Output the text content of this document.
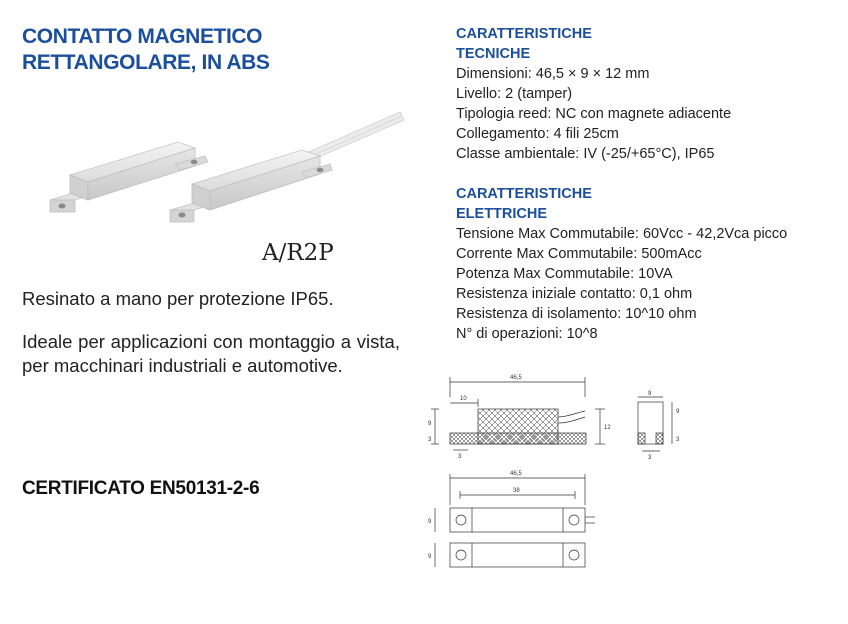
CONTATTO MAGNETICO
RETTANGOLARE, IN ABS
A/R2P

Resinato a mano per protezione IP65.

Ideale per applicazioni con montaggio a vista, per macchinari industriali e automotive.

CERTIFICATO EN50131-2-6

CARATTERISTICHE
TECNICHE
Dimensioni: 46,5 × 9 × 12 mm
Livello: 2 (tamper)
Tipologia reed: NC con magnete adiacente
Collegamento: 4 fili 25cm
Classe ambientale: IV (-25/+65°C), IP65
CARATTERISTICHE
ELETTRICHE
Tensione Max Commutabile: 60Vcc - 42,2Vca picco
Corrente Max Commutabile: 500mAcc
Potenza Max Commutabile: 10VA
Resistenza iniziale contatto: 0,1 ohm
Resistenza di isolamento: 10^10 ohm
N° di operazioni: 10^8
46,5
10
9
12
3
3
9
9
3
3
46,5
38
9
9
